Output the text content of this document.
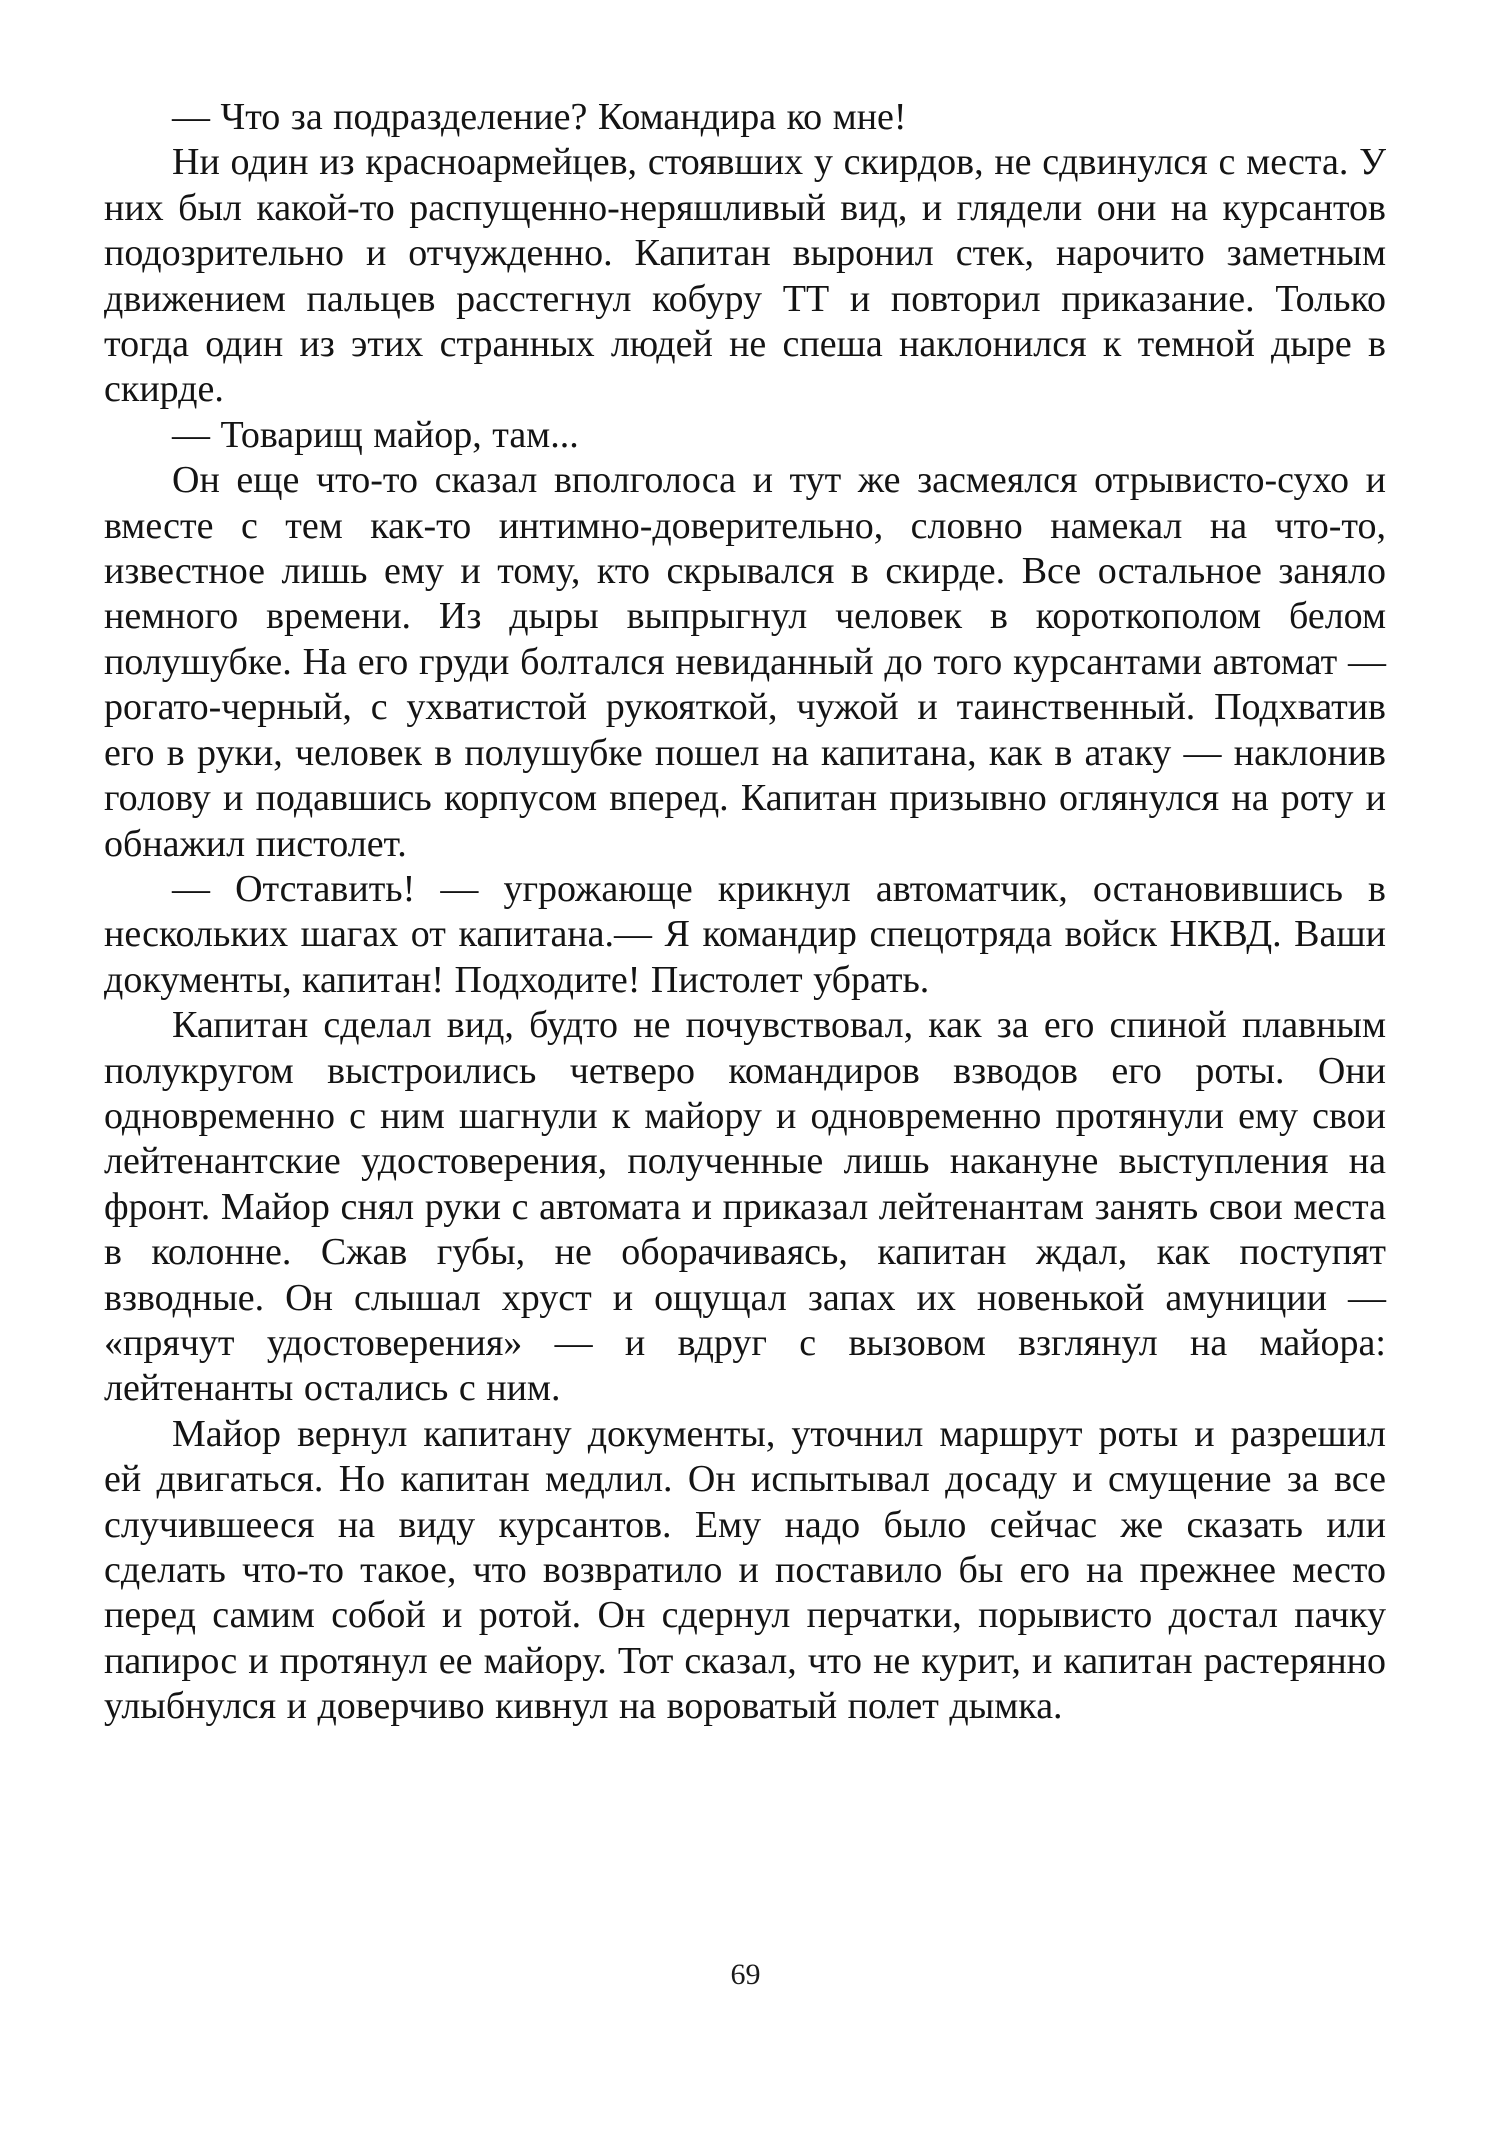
— Что за подразделение? Командира ко мне!

Ни один из красноармейцев, стоявших у скирдов, не сдвинулся с места. У них был какой-то распущенно-неряшливый вид, и глядели они на курсантов подозрительно и отчужденно. Капитан выронил стек, нарочито заметным движением пальцев расстегнул кобуру ТТ и повторил приказание. Только тогда один из этих странных людей не спеша наклонился к темной дыре в скирде.

— Товарищ майор, там...

Он еще что-то сказал вполголоса и тут же засмеялся отрывисто-сухо и вместе с тем как-то интимно-доверительно, словно намекал на что-то, известное лишь ему и тому, кто скрывался в скирде. Все остальное заняло немного времени. Из дыры выпрыгнул человек в короткополом белом полушубке. На его груди болтался невиданный до того курсантами автомат — рогато-черный, с ухватистой рукояткой, чужой и таинственный. Подхватив его в руки, человек в полушубке пошел на капитана, как в атаку — наклонив голову и подавшись корпусом вперед. Капитан призывно оглянулся на роту и обнажил пистолет.

— Отставить! — угрожающе крикнул автоматчик, остановившись в нескольких шагах от капитана.— Я командир спецотряда войск НКВД. Ваши документы, капитан! Подходите! Пистолет убрать.

Капитан сделал вид, будто не почувствовал, как за его спиной плавным полукругом выстроились четверо командиров взводов его роты. Они одновременно с ним шагнули к майору и одновременно протянули ему свои лейтенантские удостоверения, полученные лишь накануне выступления на фронт. Майор снял руки с автомата и приказал лейтенантам занять свои места в колонне. Сжав губы, не оборачиваясь, капитан ждал, как поступят взводные. Он слышал хруст и ощущал запах их новенькой амуниции — «прячут удостоверения» — и вдруг с вызовом взглянул на майора: лейтенанты остались с ним.

Майор вернул капитану документы, уточнил маршрут роты и разрешил ей двигаться. Но капитан медлил. Он испытывал досаду и смущение за все случившееся на виду курсантов. Ему надо было сейчас же сказать или сделать что-то такое, что возвратило и поставило бы его на прежнее место перед самим собой и ротой. Он сдернул перчатки, порывисто достал пачку папирос и протянул ее майору. Тот сказал, что не курит, и капитан растерянно улыбнулся и доверчиво кивнул на вороватый полет дымка.

69
